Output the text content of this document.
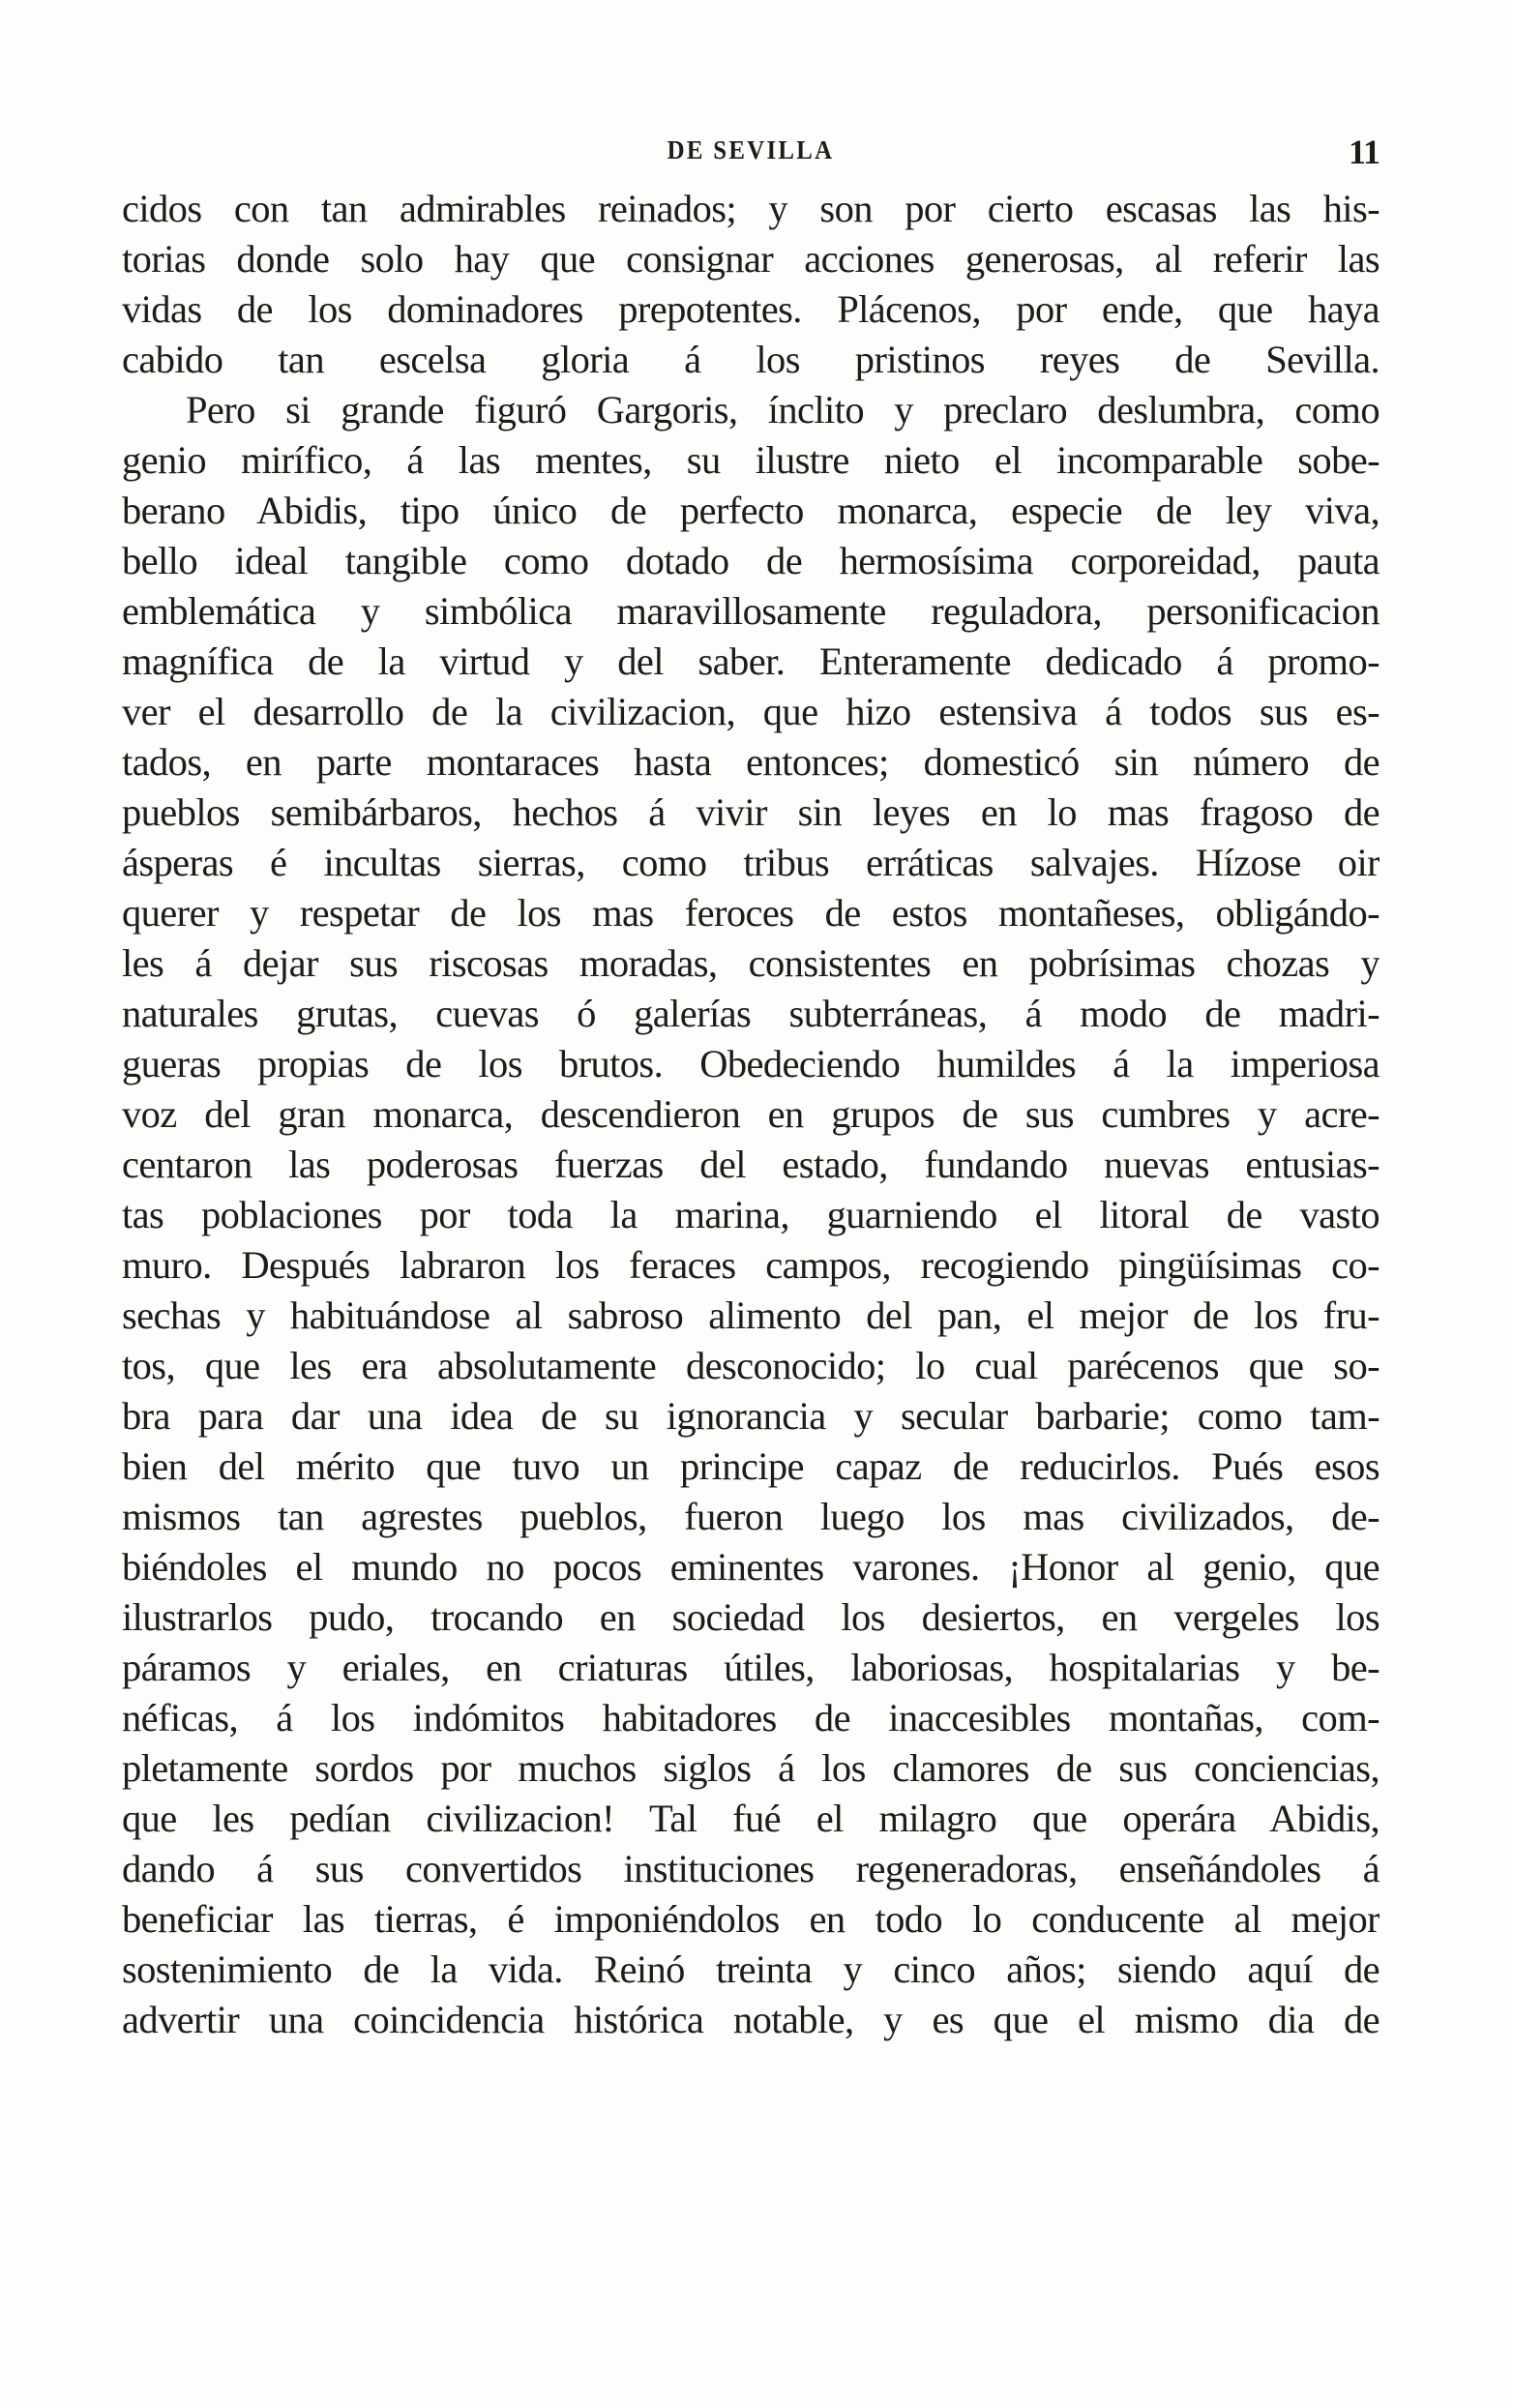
DE SEVILLA	11
cidos con tan admirables reinados; y son por cierto escasas las his-
torias donde solo hay que consignar acciones generosas, al referir las
vidas de los dominadores prepotentes. Plácenos, por ende, que haya
cabido tan escelsa gloria á los pristinos reyes de Sevilla.
Pero si grande figuró Gargoris, ínclito y preclaro deslumbra, como
genio mirífico, á las mentes, su ilustre nieto el incomparable sobe-
berano Abidis, tipo único de perfecto monarca, especie de ley viva,
bello ideal tangible como dotado de hermosísima corporeidad, pauta
emblemática y simbólica maravillosamente reguladora, personificacion
magnífica de la virtud y del saber. Enteramente dedicado á promo-
ver el desarrollo de la civilizacion, que hizo estensiva á todos sus es-
tados, en parte montaraces hasta entonces; domesticó sin número de
pueblos semibárbaros, hechos á vivir sin leyes en lo mas fragoso de
ásperas é incultas sierras, como tribus erráticas salvajes. Hízose oir
querer y respetar de los mas feroces de estos montañeses, obligándo-
les á dejar sus riscosas moradas, consistentes en pobrísimas chozas y
naturales grutas, cuevas ó galerías subterráneas, á modo de madri-
gueras propias de los brutos. Obedeciendo humildes á la imperiosa
voz del gran monarca, descendieron en grupos de sus cumbres y acre-
centaron las poderosas fuerzas del estado, fundando nuevas entusias-
tas poblaciones por toda la marina, guarniendo el litoral de vasto
muro. Después labraron los feraces campos, recogiendo pingüísimas co-
sechas y habituándose al sabroso alimento del pan, el mejor de los fru-
tos, que les era absolutamente desconocido; lo cual parécenos que so-
bra para dar una idea de su ignorancia y secular barbarie; como tam-
bien del mérito que tuvo un principe capaz de reducirlos. Pués esos
mismos tan agrestes pueblos, fueron luego los mas civilizados, de-
biéndoles el mundo no pocos eminentes varones. ¡Honor al genio, que
ilustrarlos pudo, trocando en sociedad los desiertos, en vergeles los
páramos y eriales, en criaturas útiles, laboriosas, hospitalarias y be-
néficas, á los indómitos habitadores de inaccesibles montañas, com-
pletamente sordos por muchos siglos á los clamores de sus conciencias,
que les pedían civilizacion! Tal fué el milagro que operára Abidis,
dando á sus convertidos instituciones regeneradoras, enseñándoles á
beneficiar las tierras, é imponiéndolos en todo lo conducente al mejor
sostenimiento de la vida. Reinó treinta y cinco años; siendo aquí de
advertir una coincidencia histórica notable, y es que el mismo dia de
